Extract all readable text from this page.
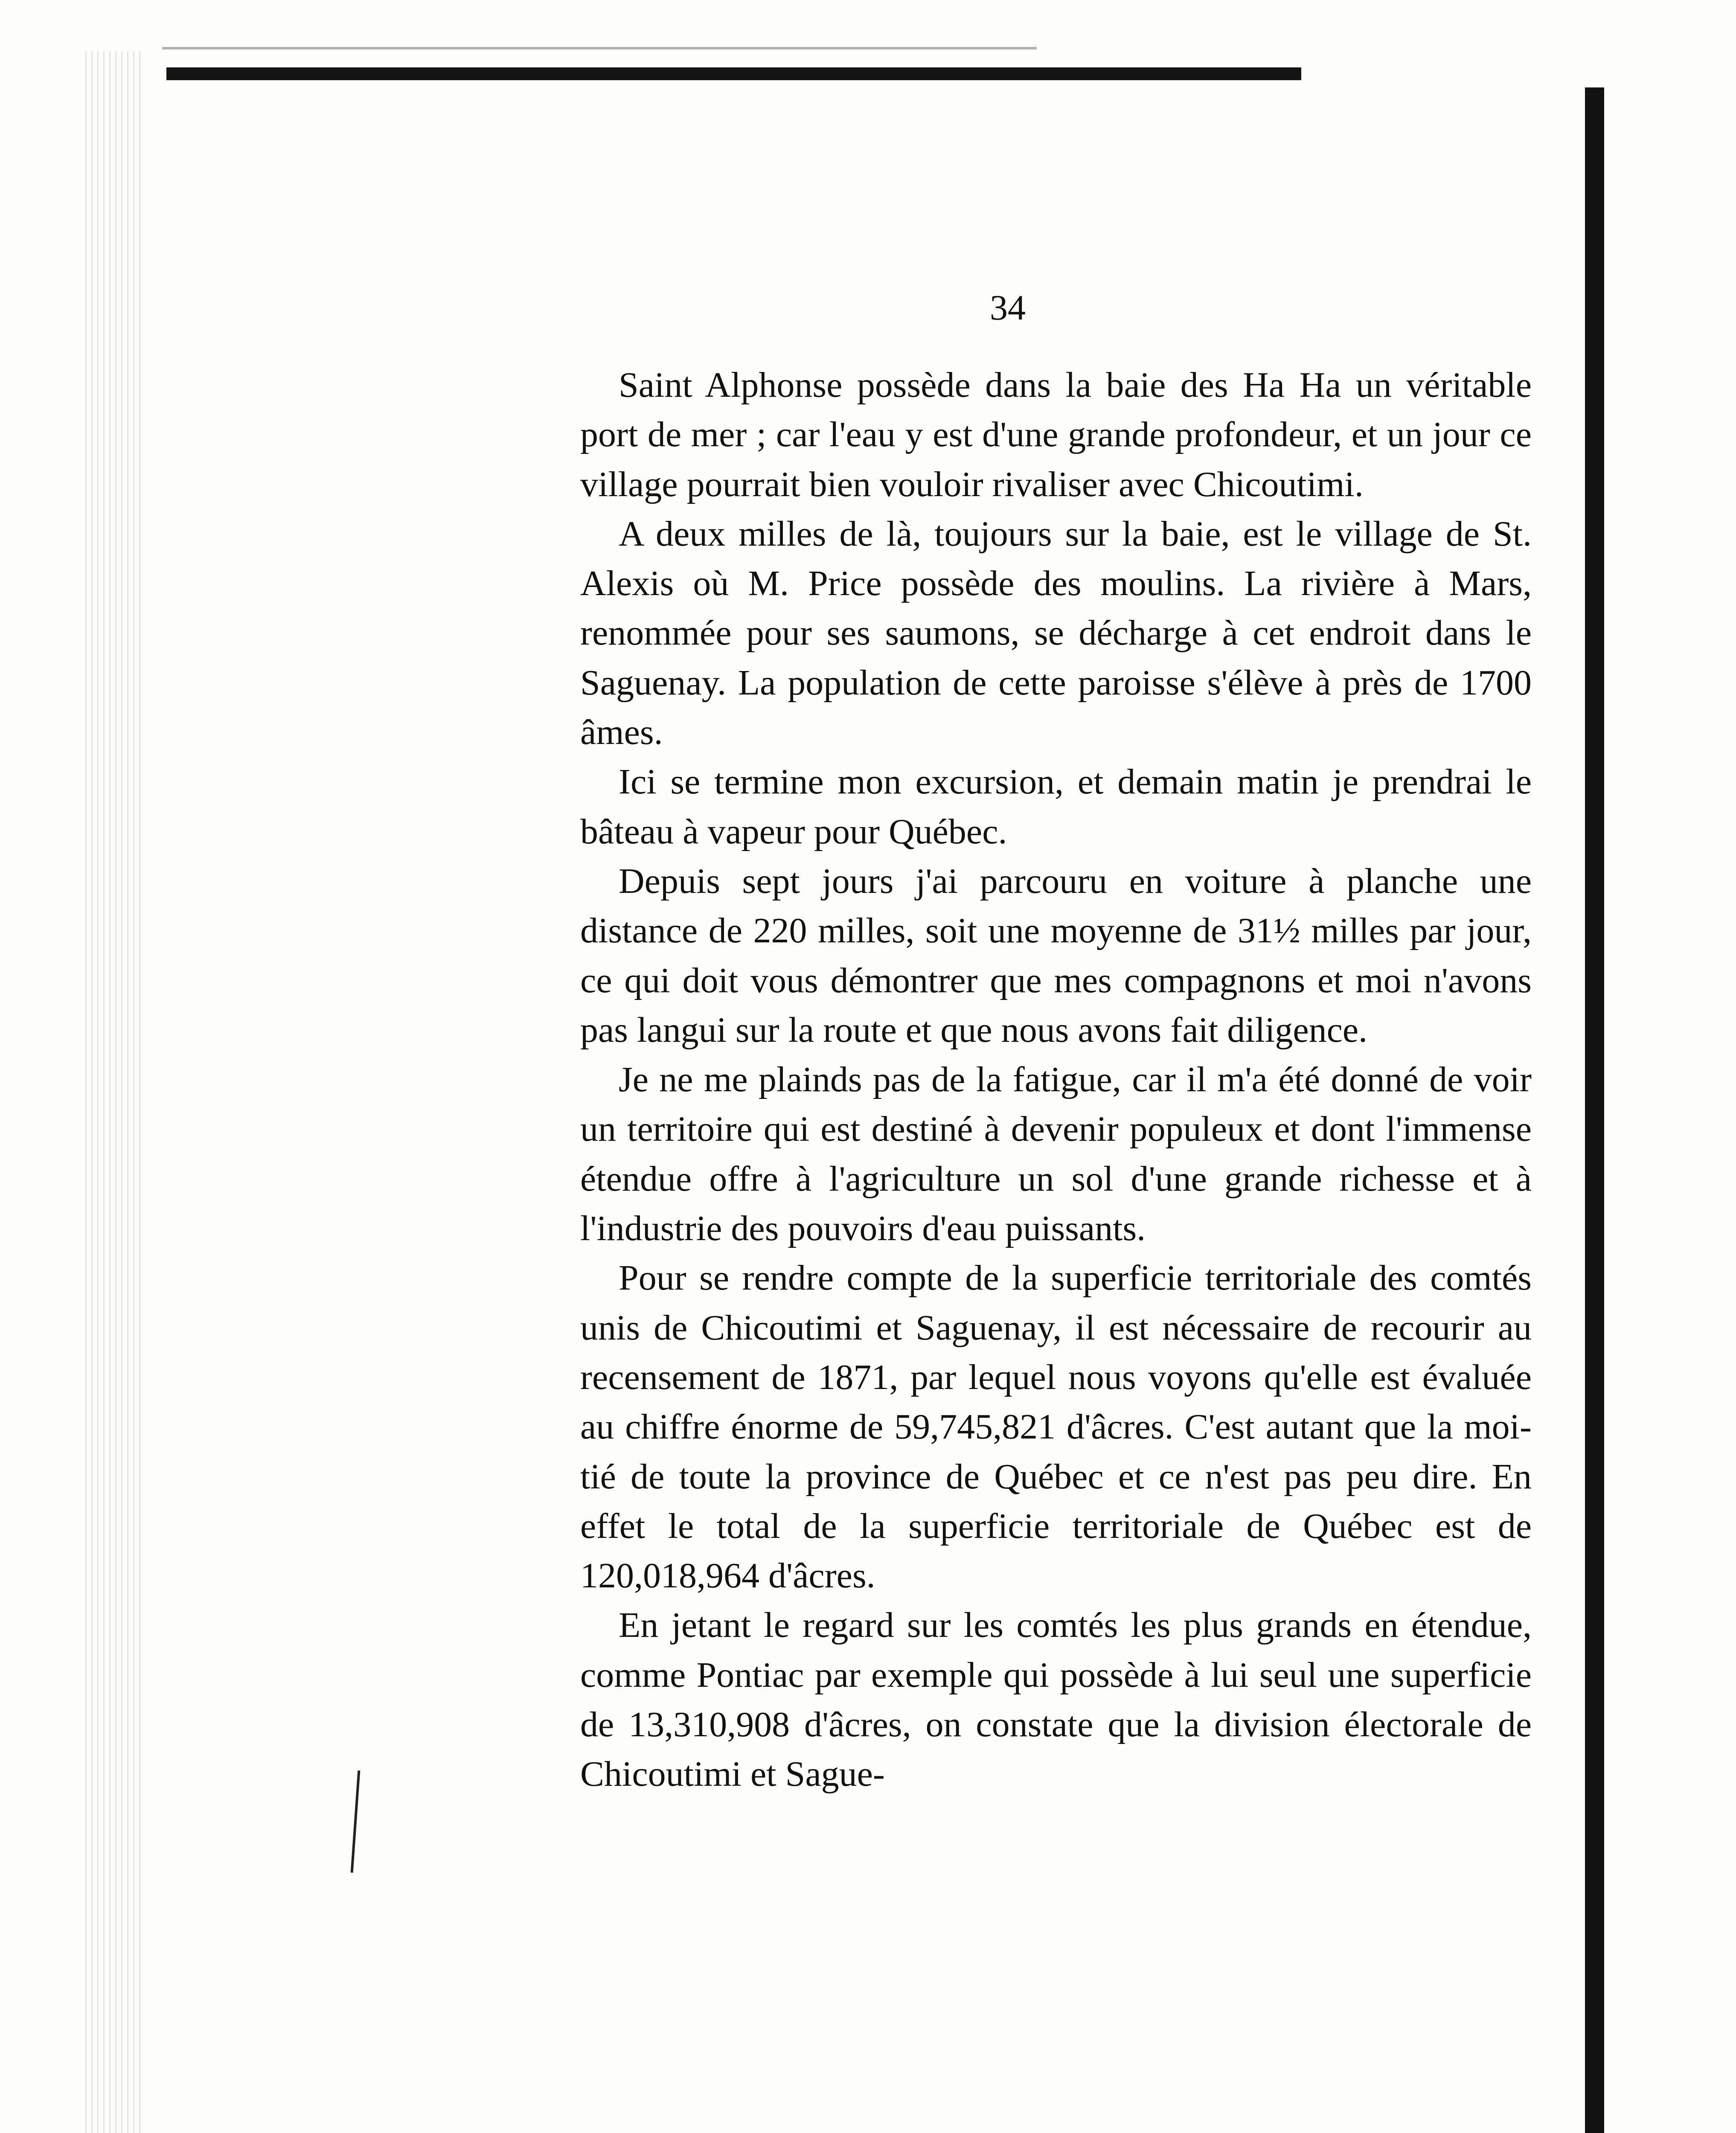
34

Saint Alphonse possède dans la baie des Ha Ha un véritable port de mer ; car l'eau y est d'une grande profondeur, et un jour ce village pourrait bien vouloir rivaliser avec Chicoutimi.

A deux milles de là, toujours sur la baie, est le village de St. Alexis où M. Price possède des moulins. La rivière à Mars, renommée pour ses saumons, se décharge à cet endroit dans le Saguenay. La population de cette paroisse s'élève à près de 1700 âmes.

Ici se termine mon excursion, et demain matin je prendrai le bâteau à vapeur pour Québec.

Depuis sept jours j'ai parcouru en voiture à planche une distance de 220 milles, soit une moyenne de 31½ milles par jour, ce qui doit vous démontrer que mes compagnons et moi n'avons pas langui sur la route et que nous avons fait diligence.

Je ne me plainds pas de la fatigue, car il m'a été donné de voir un territoire qui est destiné à devenir populeux et dont l'immense étendue offre à l'agriculture un sol d'une grande richesse et à l'industrie des pouvoirs d'eau puissants.

Pour se rendre compte de la superficie territoriale des comtés unis de Chicoutimi et Saguenay, il est nécessaire de recourir au recensement de 1871, par lequel nous voyons qu'elle est évaluée au chiffre énorme de 59,745,821 d'âcres. C'est autant que la moitié de toute la province de Québec et ce n'est pas peu dire. En effet le total de la superficie territoriale de Québec est de 120,018,964 d'âcres.

En jetant le regard sur les comtés les plus grands en étendue, comme Pontiac par exemple qui possède à lui seul une superficie de 13,310,908 d'âcres, on constate que la division électorale de Chicoutimi et Sague-
